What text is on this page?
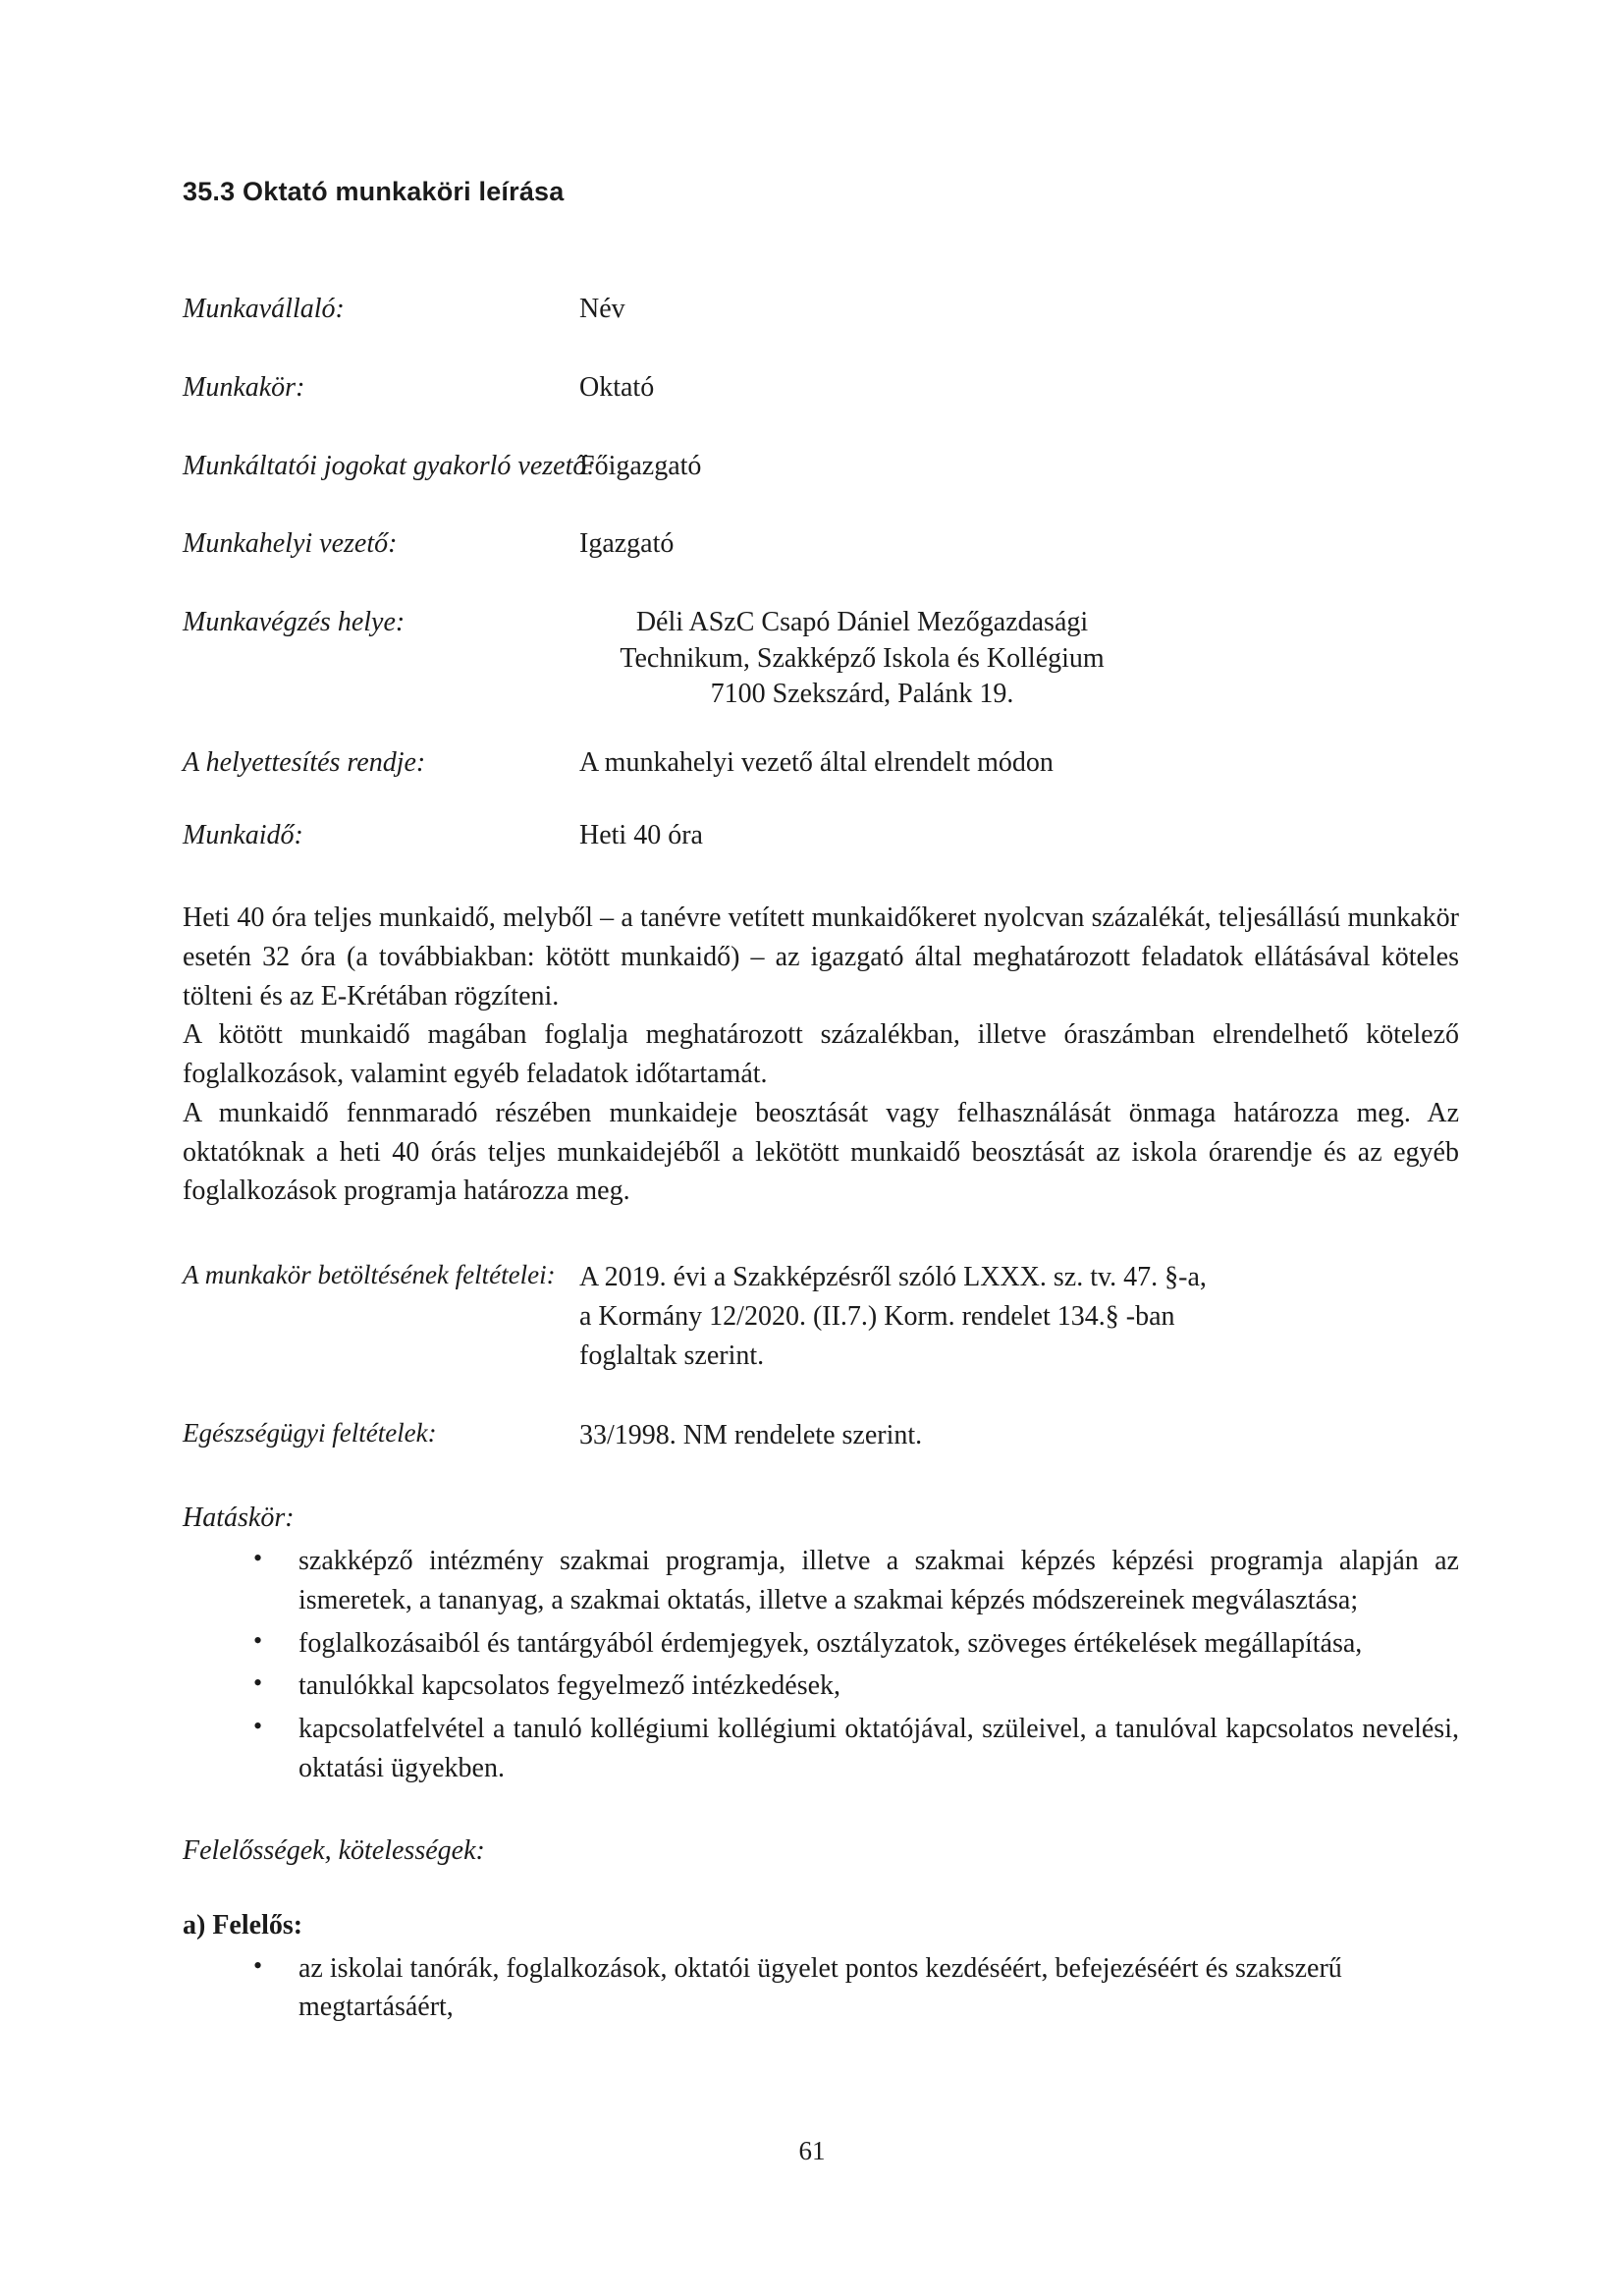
35.3 Oktató munkaköri leírása
Munkavállaló:	Név
Munkakör:	Oktató
Munkáltatói jogokat gyakorló vezető:
Főigazgató
Munkahelyi vezető:	Igazgató
Munkavégzés helye:	Déli ASzC Csapó Dániel Mezőgazdasági
Technikum, Szakképző Iskola és Kollégium
7100 Szekszárd, Palánk 19.
A helyettesítés rendje:	A munkahelyi vezető által elrendelt módon
Munkaidő:	Heti 40 óra

Heti 40 óra teljes munkaidő, melyből – a tanévre vetített munkaidőkeret nyolcvan százalékát, teljesállású munkakör esetén 32 óra (a továbbiakban: kötött munkaidő) – az igazgató által meghatározott feladatok ellátásával köteles tölteni és az E-Krétában rögzíteni.

A kötött munkaidő magában foglalja meghatározott százalékban, illetve óraszámban elrendelhető kötelező foglalkozások, valamint egyéb feladatok időtartamát.

A munkaidő fennmaradó részében munkaideje beosztását vagy felhasználását önmaga határozza meg. Az oktatóknak a heti 40 órás teljes munkaidejéből a lekötött munkaidő beosztását az iskola órarendje és az egyéb foglalkozások programja határozza meg.

A munkakör betöltésének feltételei: A 2019. évi a Szakképzésről szóló LXXX. sz. tv. 47. §-a,
a Kormány 12/2020. (II.7.) Korm. rendelet 134.§ -ban
foglaltak szerint.
Egészségügyi feltételek:	33/1998. NM rendelete szerint.
Hatáskör:
• szakképző intézmény szakmai programja, illetve a szakmai képzés képzési programja alapján az ismeretek, a tananyag, a szakmai oktatás, illetve a szakmai képzés módszereinek megválasztása;
• foglalkozásaiból és tantárgyából érdemjegyek, osztályzatok, szöveges értékelések megállapítása,
• tanulókkal kapcsolatos fegyelmező intézkedések,
• kapcsolatfelvétel a tanuló kollégiumi kollégiumi oktatójával, szüleivel, a tanulóval kapcsolatos nevelési, oktatási ügyekben.
Felelősségek, kötelességek:
a) Felelős:
• az iskolai tanórák, foglalkozások, oktatói ügyelet pontos kezdéséért, befejezéséért és szakszerű megtartásáért,
61
